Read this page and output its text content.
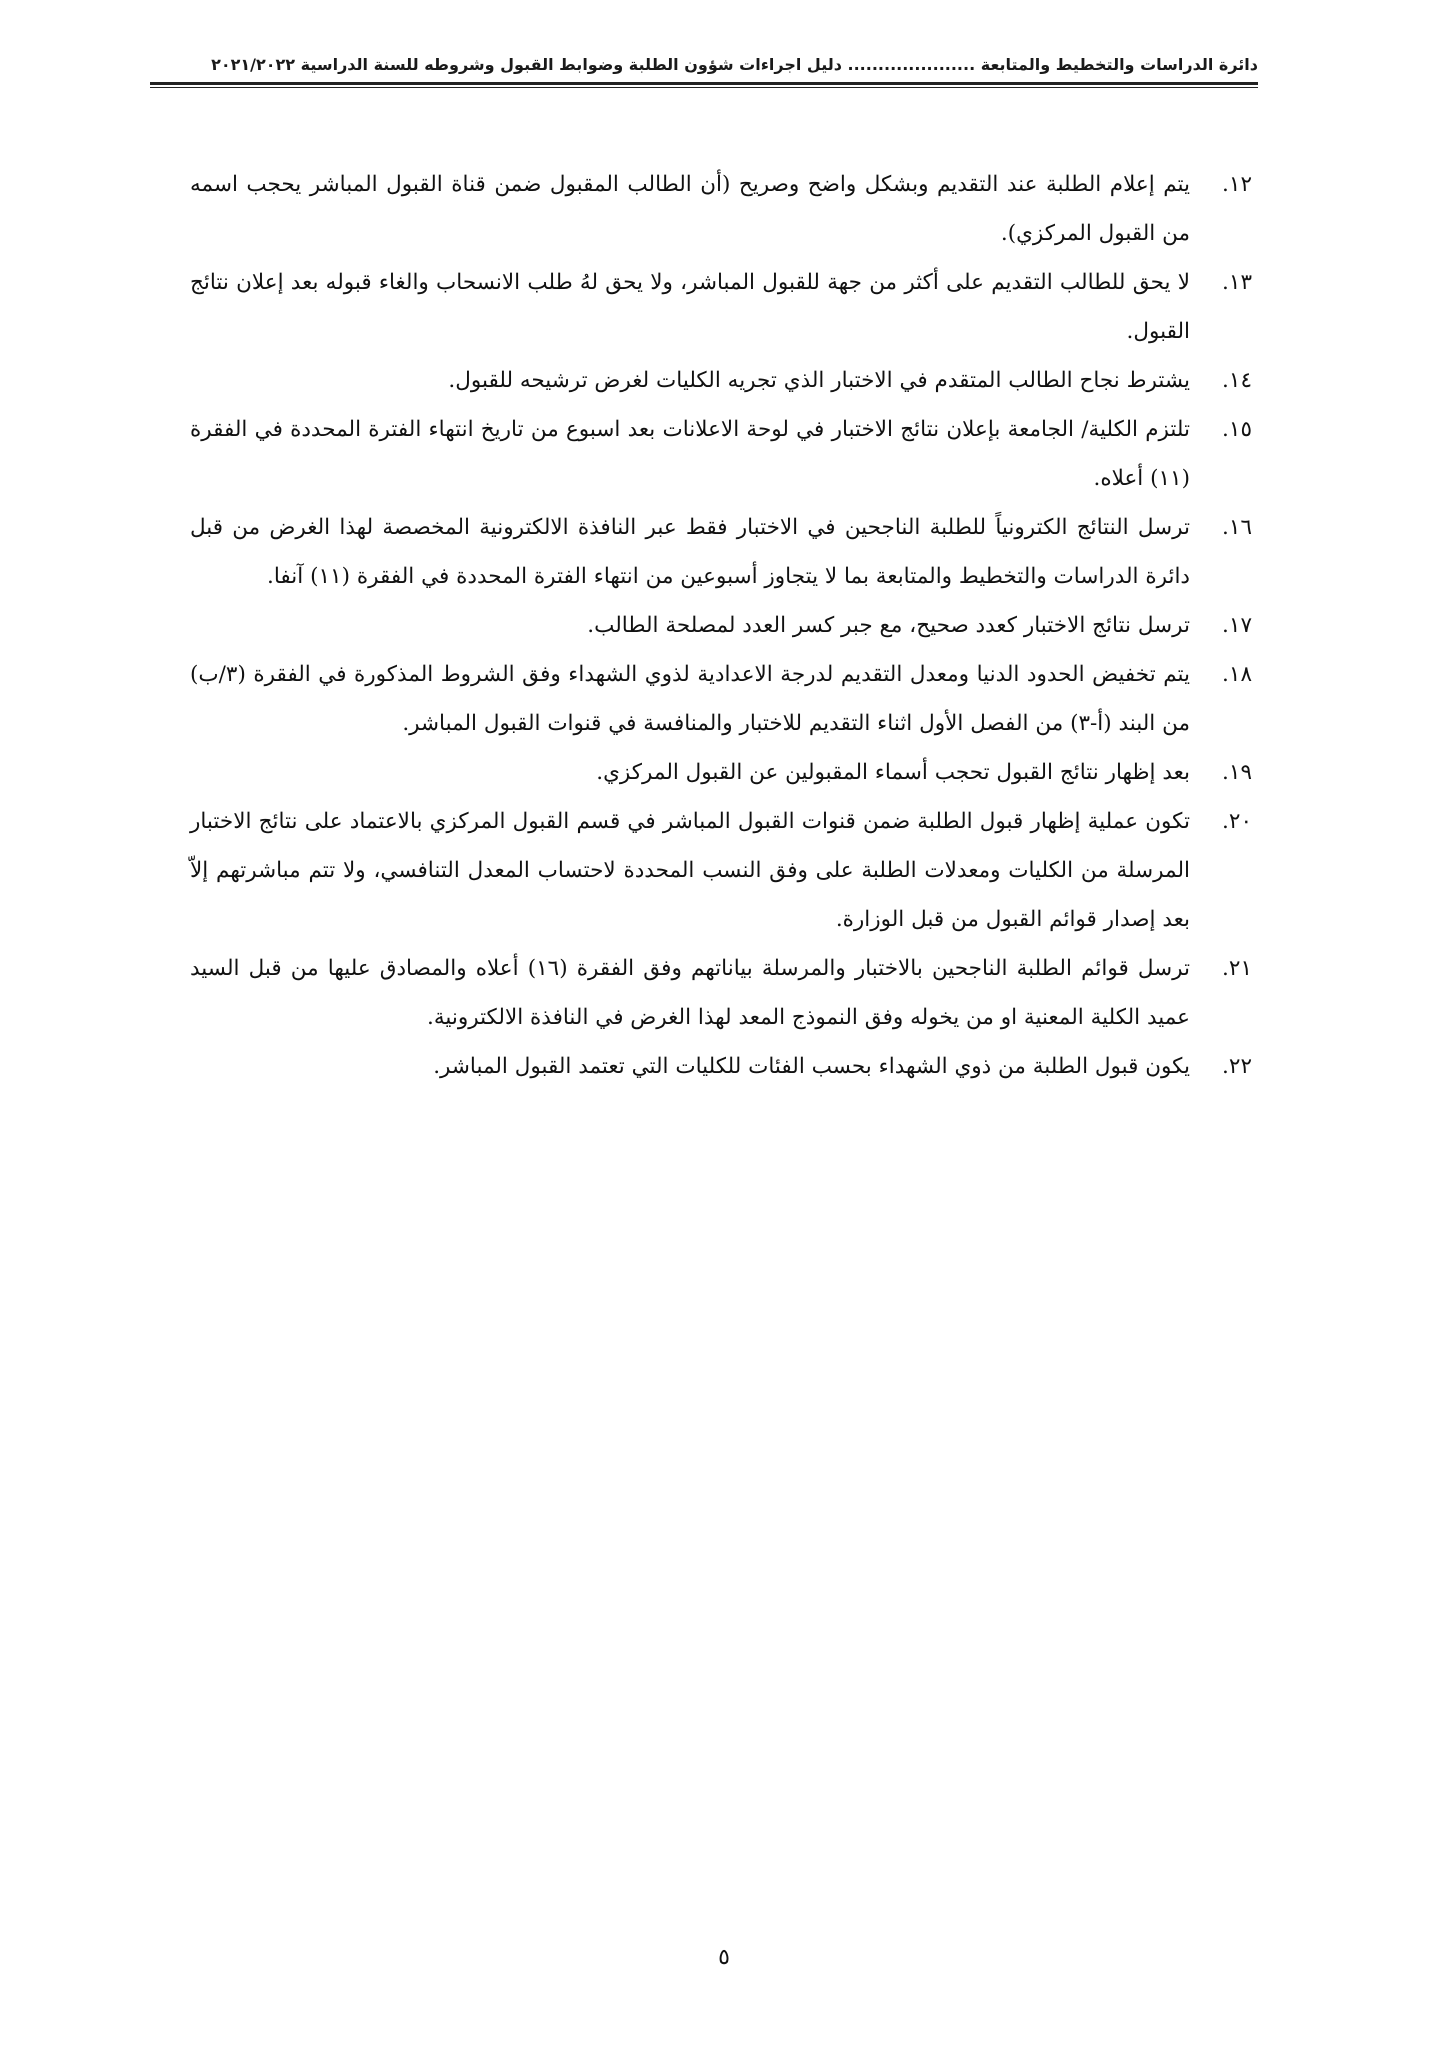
دائرة الدراسات والتخطيط والمتابعة ..................... دليل اجراءات شؤون الطلبة وضوابط القبول وشروطه للسنة الدراسية ٢٠٢١/٢٠٢٢
١٢.
يتم إعلام الطلبة عند التقديم وبشكل واضح وصريح (أن الطالب المقبول ضمن قناة القبول المباشر يحجب اسمه من القبول المركزي).
١٣.
لا يحق للطالب التقديم على أكثر من جهة للقبول المباشر، ولا يحق لهُ طلب الانسحاب والغاء قبوله بعد إعلان نتائج القبول.
١٤.
يشترط نجاح الطالب المتقدم في الاختبار الذي تجريه الكليات لغرض ترشيحه للقبول.
١٥.
تلتزم الكلية/ الجامعة بإعلان نتائج الاختبار في لوحة الاعلانات بعد اسبوع من تاريخ انتهاء الفترة المحددة في الفقرة (١١) أعلاه.
١٦.
ترسل النتائج الكترونياً للطلبة الناجحين في الاختبار فقط عبر النافذة الالكترونية المخصصة لهذا الغرض من قبل دائرة الدراسات والتخطيط والمتابعة بما لا يتجاوز أسبوعين من انتهاء الفترة المحددة في الفقرة (١١) آنفا.
١٧.
ترسل نتائج الاختبار كعدد صحيح، مع جبر كسر العدد لمصلحة الطالب.
١٨.
يتم تخفيض الحدود الدنيا ومعدل التقديم لدرجة الاعدادية لذوي الشهداء وفق الشروط المذكورة في الفقرة (٣/ب) من البند (أ-٣) من الفصل الأول اثناء التقديم للاختبار والمنافسة في قنوات القبول المباشر.
١٩.
بعد إظهار نتائج القبول تحجب أسماء المقبولين عن القبول المركزي.
٢٠.
تكون عملية إظهار قبول الطلبة ضمن قنوات القبول المباشر في قسم القبول المركزي بالاعتماد على نتائج الاختبار المرسلة من الكليات ومعدلات الطلبة على وفق النسب المحددة لاحتساب المعدل التنافسي، ولا تتم مباشرتهم إلاّ بعد إصدار قوائم القبول من قبل الوزارة.
٢١.
ترسل قوائم الطلبة الناجحين بالاختبار والمرسلة بياناتهم وفق الفقرة (١٦) أعلاه والمصادق عليها من قبل السيد عميد الكلية المعنية او من يخوله وفق النموذج المعد لهذا الغرض في النافذة الالكترونية.
٢٢.
يكون قبول الطلبة من ذوي الشهداء بحسب الفئات للكليات التي تعتمد القبول المباشر.
٥
